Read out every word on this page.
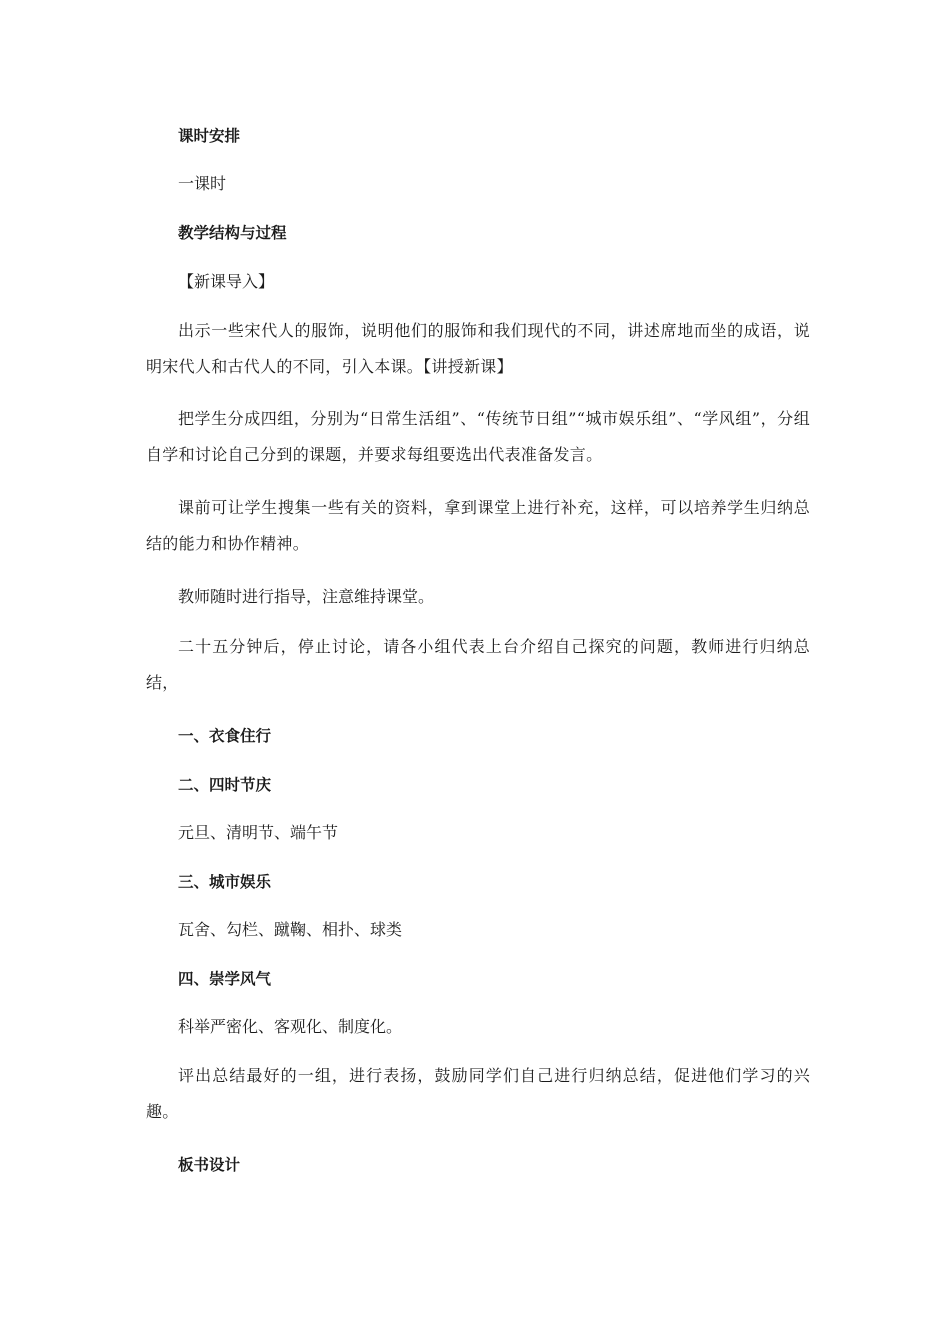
课时安排

一课时

教学结构与过程

【新课导入】

出示一些宋代人的服饰，说明他们的服饰和我们现代的不同，讲述席地而坐的成语，说明宋代人和古代人的不同，引入本课。【讲授新课】

把学生分成四组，分别为“日常生活组”、“传统节日组”“城市娱乐组”、“学风组”，分组自学和讨论自己分到的课题，并要求每组要选出代表准备发言。

课前可让学生搜集一些有关的资料，拿到课堂上进行补充，这样，可以培养学生归纳总结的能力和协作精神。

教师随时进行指导，注意维持课堂。

二十五分钟后，停止讨论，请各小组代表上台介绍自己探究的问题，教师进行归纳总结，

一、衣食住行

二、四时节庆

元旦、清明节、端午节

三、城市娱乐

瓦舍、勾栏、蹴鞠、相扑、球类

四、崇学风气

科举严密化、客观化、制度化。

评出总结最好的一组，进行表扬，鼓励同学们自己进行归纳总结，促进他们学习的兴趣。

板书设计
